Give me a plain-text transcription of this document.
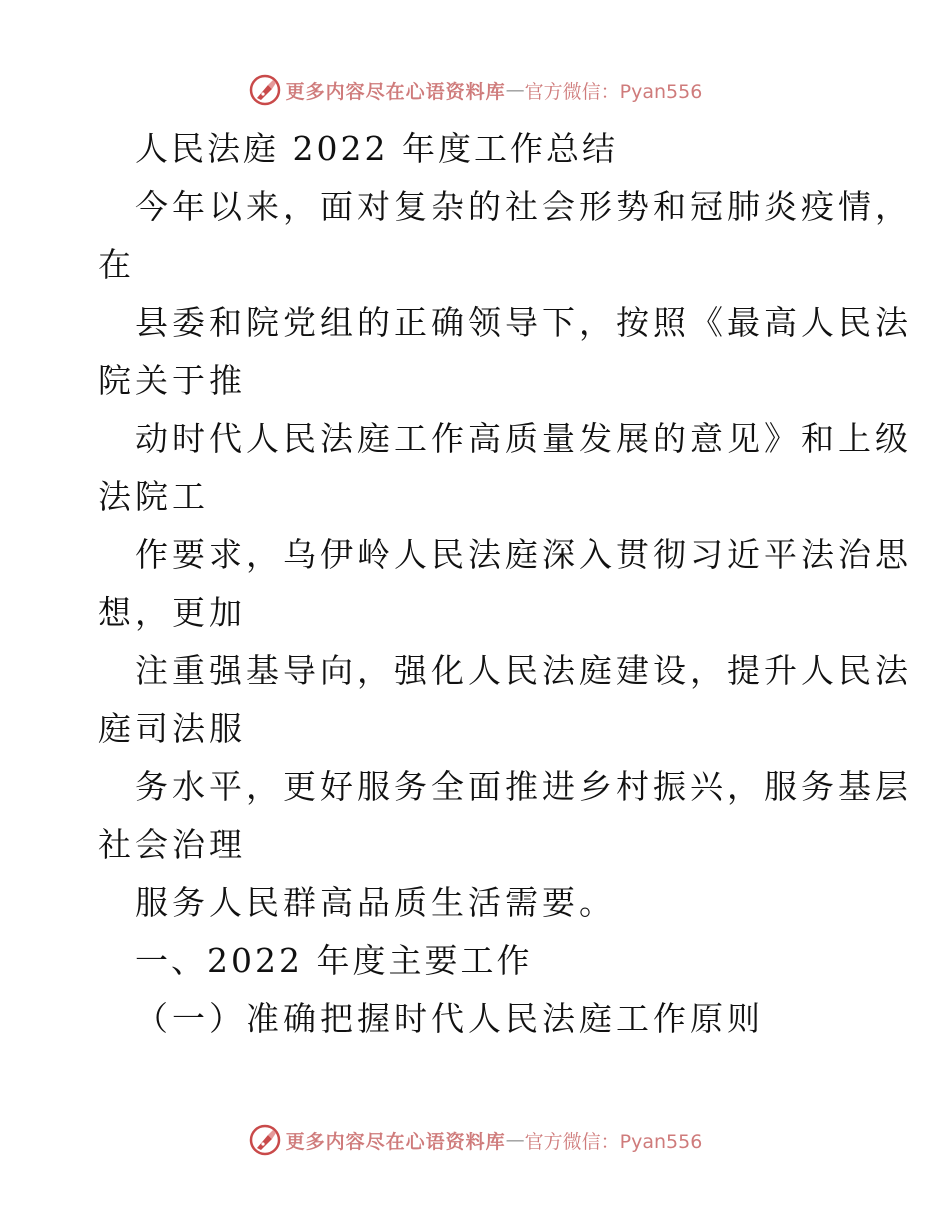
更多内容尽在心语资料库 — 官方微信：Pyan556
人民法庭 2022 年度工作总结
今年以来，面对复杂的社会形势和冠肺炎疫情，
在
县委和院党组的正确领导下，按照《最高人民法
院关于推
动时代人民法庭工作高质量发展的意见》和上级
法院工
作要求，乌伊岭人民法庭深入贯彻习近平法治思
想，更加
注重强基导向，强化人民法庭建设，提升人民法
庭司法服
务水平，更好服务全面推进乡村振兴，服务基层
社会治理
服务人民群高品质生活需要。
一、2022 年度主要工作
（一）准确把握时代人民法庭工作原则
更多内容尽在心语资料库 — 官方微信：Pyan556
